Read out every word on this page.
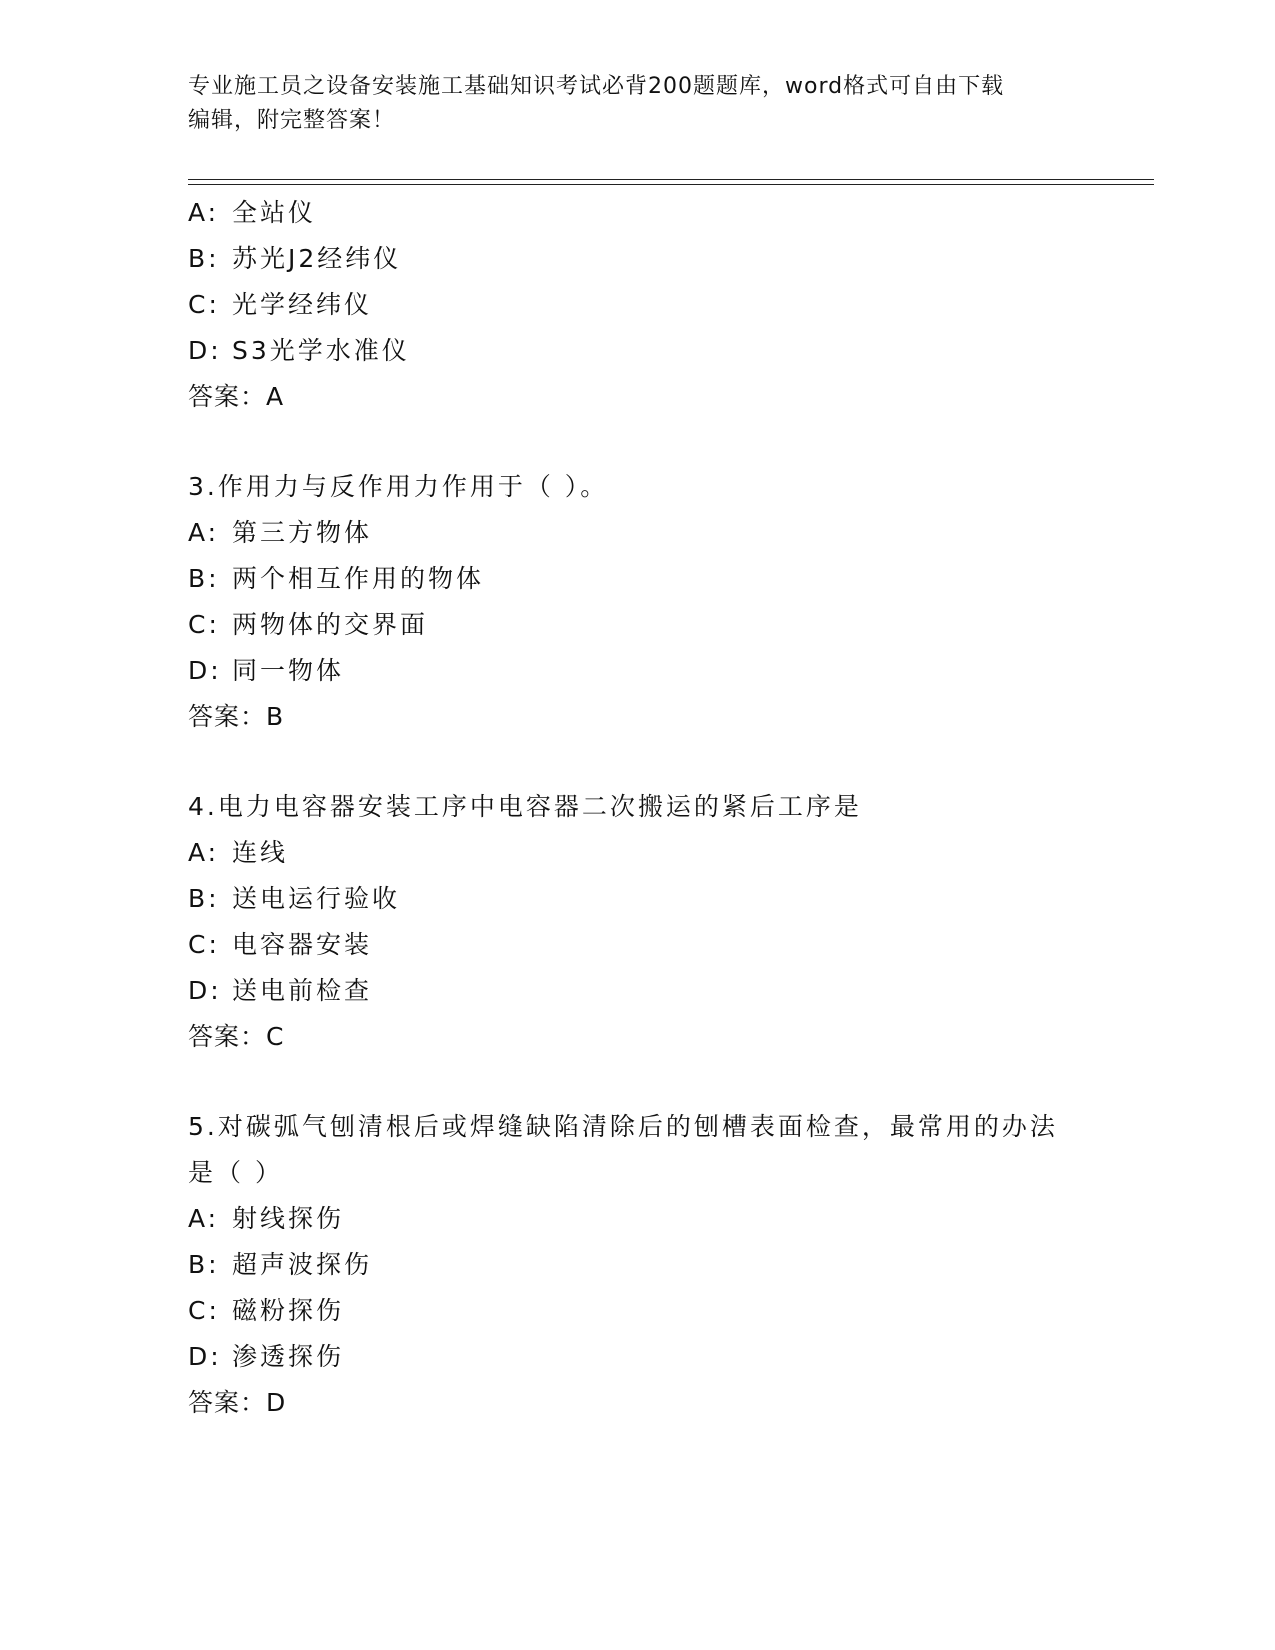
专业施工员之设备安装施工基础知识考试必背200题题库，word格式可自由下载
编辑，附完整答案！
A: 全站仪
B: 苏光J2经纬仪
C: 光学经纬仪
D: S3光学水准仪
答案：A
3.作用力与反作用力作用于（ ）。
A: 第三方物体
B: 两个相互作用的物体
C: 两物体的交界面
D: 同一物体
答案：B
4.电力电容器安装工序中电容器二次搬运的紧后工序是
A: 连线
B: 送电运行验收
C: 电容器安装
D: 送电前检查
答案：C
5.对碳弧气刨清根后或焊缝缺陷清除后的刨槽表面检查，最常用的办法是（ ）
A: 射线探伤
B: 超声波探伤
C: 磁粉探伤
D: 渗透探伤
答案：D
